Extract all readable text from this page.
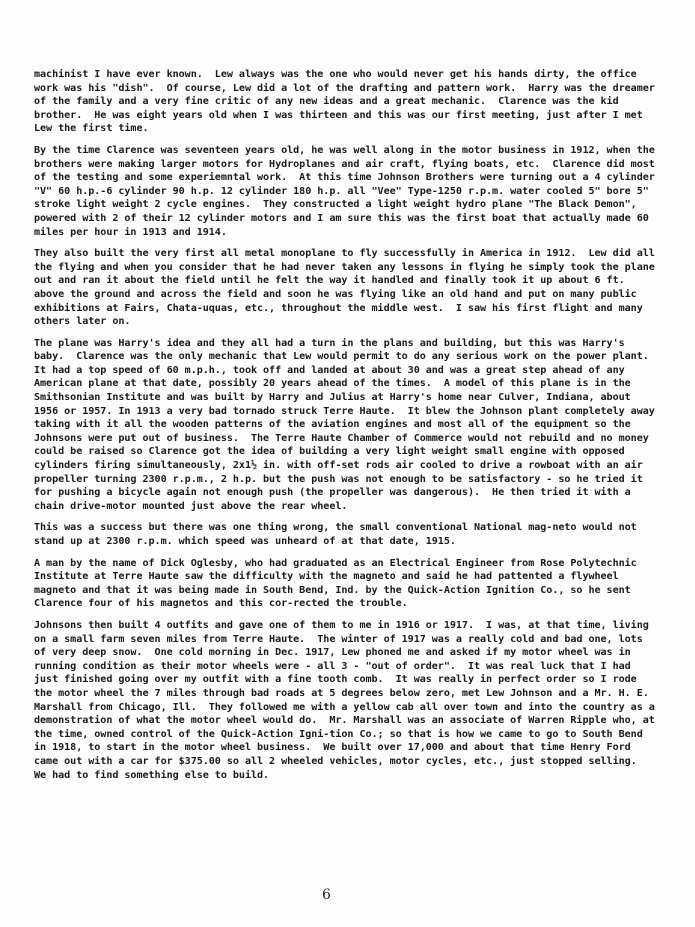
machinist I have ever known.  Lew always was the one who would never get his hands dirty, the office work was his "dish".  Of course, Lew did a lot of the drafting and pattern work.  Harry was the dreamer of the family and a very fine critic of any new ideas and a great mechanic.  Clarence was the kid brother.  He was eight years old when I was thirteen and this was our first meeting, just after I met Lew the first time.

By the time Clarence was seventeen years old, he was well along in the motor business in 1912, when the brothers were making larger motors for Hydroplanes and air craft, flying boats, etc.  Clarence did most of the testing and some experiemntal work.  At this time Johnson Brothers were turning out a 4 cylinder "V" 60 h.p.-6 cylinder 90 h.p. 12 cylinder 180 h.p. all "Vee" Type-1250 r.p.m. water cooled 5" bore 5" stroke light weight 2 cycle engines.  They constructed a light weight hydro plane "The Black Demon", powered with 2 of their 12 cylinder motors and I am sure this was the first boat that actually made 60 miles per hour in 1913 and 1914.

They also built the very first all metal monoplane to fly successfully in America in 1912.  Lew did all the flying and when you consider that he had never taken any lessons in flying he simply took the plane out and ran it about the field until he felt the way it handled and finally took it up about 6 ft. above the ground and across the field and soon he was flying like an old hand and put on many public exhibitions at Fairs, Chata-uquas, etc., throughout the middle west.  I saw his first flight and many others later on.

The plane was Harry's idea and they all had a turn in the plans and building, but this was Harry's baby.  Clarence was the only mechanic that Lew would permit to do any serious work on the power plant.  It had a top speed of 60 m.p.h., took off and landed at about 30 and was a great step ahead of any American plane at that date, possibly 20 years ahead of the times.  A model of this plane is in the Smithsonian Institute and was built by Harry and Julius at Harry's home near Culver, Indiana, about 1956 or 1957. In 1913 a very bad tornado struck Terre Haute.  It blew the Johnson plant completely away taking with it all the wooden patterns of the aviation engines and most all of the equipment so the Johnsons were put out of business.  The Terre Haute Chamber of Commerce would not rebuild and no money could be raised so Clarence got the idea of building a very light weight small engine with opposed cylinders firing simultaneously, 2x1½ in. with off-set rods air cooled to drive a rowboat with an air propeller turning 2300 r.p.m., 2 h.p. but the push was not enough to be satisfactory - so he tried it for pushing a bicycle again not enough push (the propeller was dangerous).  He then tried it with a chain drive-motor mounted just above the rear wheel.

This was a success but there was one thing wrong, the small conventional National mag-neto would not stand up at 2300 r.p.m. which speed was unheard of at that date, 1915.

A man by the name of Dick Oglesby, who had graduated as an Electrical Engineer from Rose Polytechnic Institute at Terre Haute saw the difficulty with the magneto and said he had pattented a flywheel magneto and that it was being made in South Bend, Ind. by the Quick-Action Ignition Co., so he sent Clarence four of his magnetos and this cor-rected the trouble.

Johnsons then built 4 outfits and gave one of them to me in 1916 or 1917.  I was, at that time, living on a small farm seven miles from Terre Haute.  The winter of 1917 was a really cold and bad one, lots of very deep snow.  One cold morning in Dec. 1917, Lew phoned me and asked if my motor wheel was in running condition as their motor wheels were - all 3 - "out of order".  It was real luck that I had just finished going over my outfit with a fine tooth comb.  It was really in perfect order so I rode the motor wheel the 7 miles through bad roads at 5 degrees below zero, met Lew Johnson and a Mr. H. E. Marshall from Chicago, Ill.  They followed me with a yellow cab all over town and into the country as a demonstration of what the motor wheel would do.  Mr. Marshall was an associate of Warren Ripple who, at the time, owned control of the Quick-Action Igni-tion Co.; so that is how we came to go to South Bend in 1918, to start in the motor wheel business.  We built over 17,000 and about that time Henry Ford came out with a car for $375.00 so all 2 wheeled vehicles, motor cycles, etc., just stopped selling.  We had to find something else to build.

6
